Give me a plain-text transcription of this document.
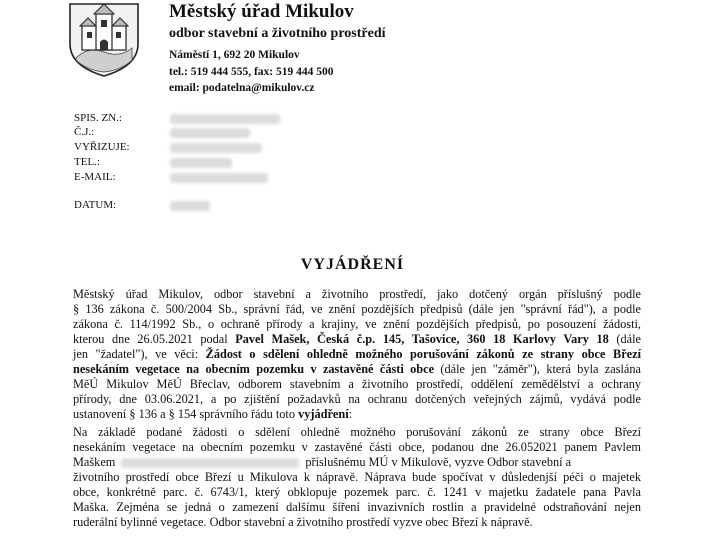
Městský úřad Mikulov
odbor stavební a životního prostředí
Náměstí 1, 692 20 Mikulov
tel.: 519 444 555, fax: 519 444 500
email: podatelna@mikulov.cz
SPIS. ZN.:
Č.J.:
VYŘIZUJE:
TEL.:
E-MAIL:
DATUM:
VYJÁDŘENÍ
Městský úřad Mikulov, odbor stavební a životního prostředí, jako dotčený orgán příslušný podle
§ 136 zákona č. 500/2004 Sb., správní řád, ve znění pozdějších předpisů (dále jen "správní řád"), a podle
zákona č. 114/1992 Sb., o ochraně přírody a krajiny, ve znění pozdějších předpisů, po posouzení žádosti,
kterou dne 26.05.2021 podal Pavel Mašek, Česká č.p. 145, Tašovice, 360 18 Karlovy Vary 18 (dále
jen "žadatel"), ve věci: Žádost o sdělení ohledně možného porušování zákonů ze strany obce Březí
nesekáním vegetace na obecním pozemku v zastavěné části obce (dále jen "záměr"), která byla zaslána
MěÚ Mikulov MěÚ Břeclav, odborem stavebním a životního prostředí, oddělení zemědělství a ochrany
přírody, dne 03.06.2021, a po zjištění požadavků na ochranu dotčených veřejných zájmů, vydává podle
ustanovení § 136 a § 154 správního řádu toto vyjádření:
Na základě podané žádosti o sdělení ohledně možného porušování zákonů ze strany obce Březí
nesekáním vegetace na obecním pozemku v zastavěné části obce, podanou dne 26.052021 panem Pavlem
Maškem	příslušnému MÚ v Mikulově, vyzve Odbor stavební a
životního prostředí obce Březí u Mikulova k nápravě. Náprava bude spočívat v důsledenjší péči o majetek
obce, konkrétně parc. č. 6743/1, který obklopuje pozemek parc. č. 1241 v majetku žadatele pana Pavla
Maška. Zejména se jedná o zamezení dalšímu šíření invazivních rostlin a pravidelné odstraňování nejen
ruderální bylinné vegetace. Odbor stavební a životního prostředí vyzve obec Březí k nápravě.
